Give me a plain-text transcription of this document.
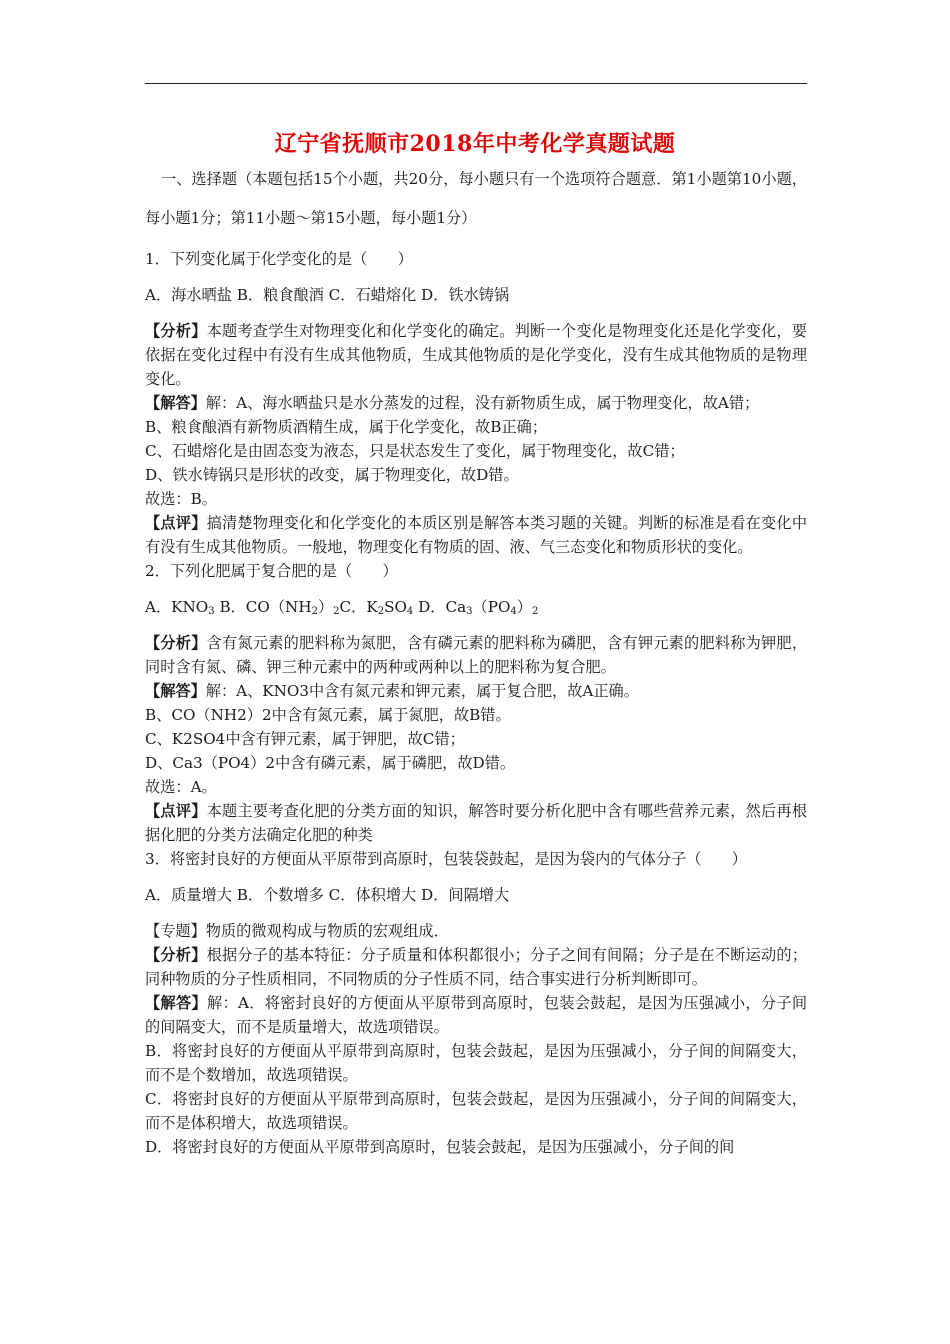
辽宁省抚顺市2018年中考化学真题试题

一、选择题（本题包括15个小题，共20分，每小题只有一个选项符合题意．第1小题第10小题，每小题1分；第11小题～第15小题，每小题1分）

1．下列变化属于化学变化的是（　　）

A．海水晒盐 B．粮食酿酒 C．石蜡熔化 D．铁水铸锅

【分析】本题考查学生对物理变化和化学变化的确定。判断一个变化是物理变化还是化学变化，要依据在变化过程中有没有生成其他物质，生成其他物质的是化学变化，没有生成其他物质的是物理变化。

【解答】解：A、海水晒盐只是水分蒸发的过程，没有新物质生成，属于物理变化，故A错；

B、粮食酿酒有新物质酒精生成，属于化学变化，故B正确；

C、石蜡熔化是由固态变为液态，只是状态发生了变化，属于物理变化，故C错；

D、铁水铸锅只是形状的改变，属于物理变化，故D错。

故选：B。

【点评】搞清楚物理变化和化学变化的本质区别是解答本类习题的关键。判断的标准是看在变化中有没有生成其他物质。一般地，物理变化有物质的固、液、气三态变化和物质形状的变化。

2．下列化肥属于复合肥的是（　　）

A．$KNO_3$ B．$CO(NH_2)_2C$．$K_2SO_4$ D．$Ca_3(PO_4)_2$

【分析】含有氮元素的肥料称为氮肥，含有磷元素的肥料称为磷肥，含有钾元素的肥料称为钾肥，同时含有氮、磷、钾三种元素中的两种或两种以上的肥料称为复合肥。

【解答】解：A、KNO3中含有氮元素和钾元素，属于复合肥，故A正确。

B、CO（NH2）2中含有氮元素，属于氮肥，故B错。

C、K2SO4中含有钾元素，属于钾肥，故C错；

D、Ca3（PO4）2中含有磷元素，属于磷肥，故D错。

故选：A。

【点评】本题主要考查化肥的分类方面的知识，解答时要分析化肥中含有哪些营养元素，然后再根据化肥的分类方法确定化肥的种类

3．将密封良好的方便面从平原带到高原时，包装袋鼓起，是因为袋内的气体分子（　　）

A．质量增大 B．个数增多 C．体积增大 D．间隔增大

【专题】物质的微观构成与物质的宏观组成．

【分析】根据分子的基本特征：分子质量和体积都很小；分子之间有间隔；分子是在不断运动的；同种物质的分子性质相同，不同物质的分子性质不同，结合事实进行分析判断即可。

【解答】解：A．将密封良好的方便面从平原带到高原时，包装会鼓起，是因为压强减小，分子间的间隔变大，而不是质量增大，故选项错误。

B．将密封良好的方便面从平原带到高原时，包装会鼓起，是因为压强减小，分子间的间隔变大，而不是个数增加，故选项错误。

C．将密封良好的方便面从平原带到高原时，包装会鼓起，是因为压强减小，分子间的间隔变大，而不是体积增大，故选项错误。

D．将密封良好的方便面从平原带到高原时，包装会鼓起，是因为压强减小，分子间的间
